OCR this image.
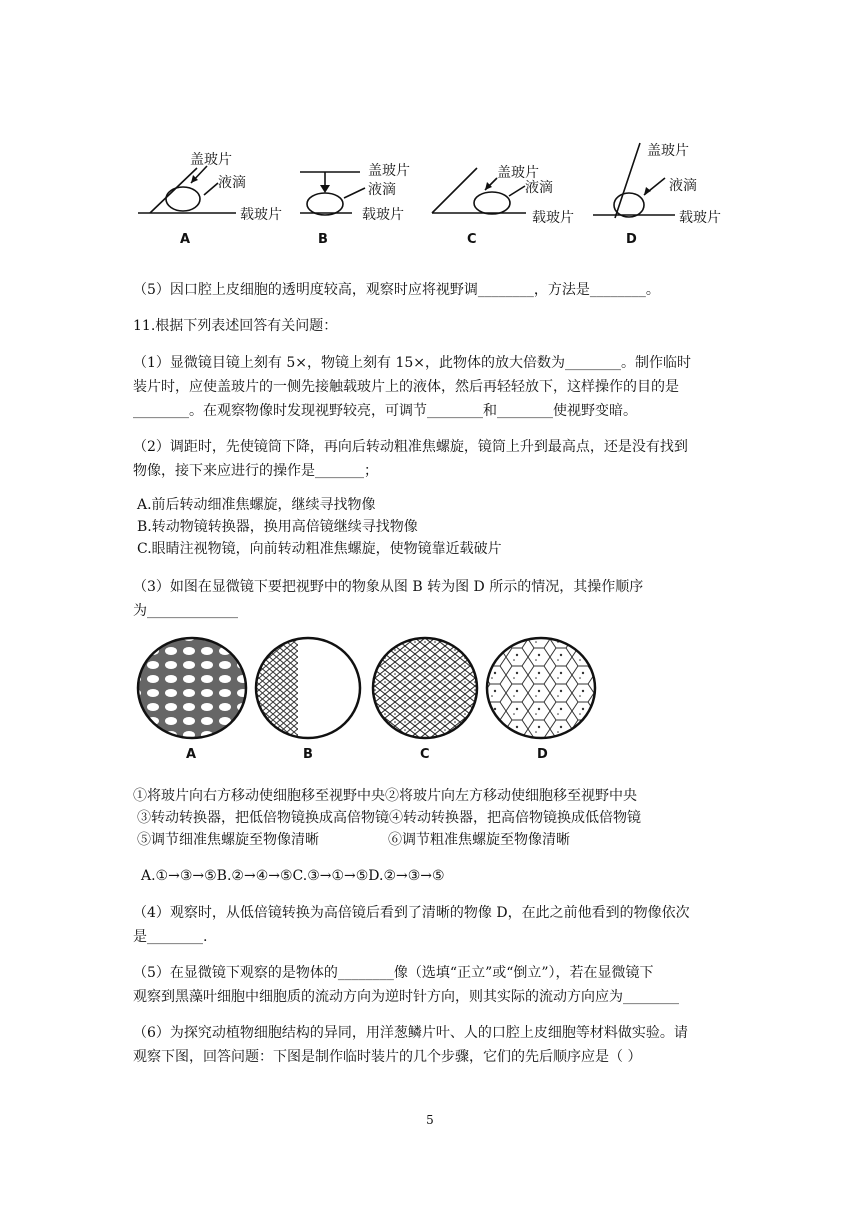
盖玻片
液滴
载玻片
盖玻片
液滴
载玻片
盖玻片
液滴
载玻片
盖玻片
液滴
载玻片
A	B	C	D
（5）因口腔上皮细胞的透明度较高，观察时应将视野调________，方法是________。
11.根据下列表述回答有关问题：
（1）显微镜目镜上刻有 5×，物镜上刻有 15×，此物体的放大倍数为________。制作临时
装片时，应使盖玻片的一侧先接触载玻片上的液体，然后再轻轻放下，这样操作的目的是
________。在观察物像时发现视野较亮，可调节________和________使视野变暗。
（2）调距时，先使镜筒下降，再向后转动粗准焦螺旋，镜筒上升到最高点，还是没有找到
物像，接下来应进行的操作是_______；
A.前后转动细准焦螺旋，继续寻找物像
B.转动物镜转换器，换用高倍镜继续寻找物像
C.眼睛注视物镜，向前转动粗准焦螺旋，使物镜靠近载破片
（3）如图在显微镜下要把视野中的物象从图 B 转为图 D 所示的情况，其操作顺序
为_____________
A	B	C	D
①将玻片向右方移动使细胞移至视野中央②将玻片向左方移动使细胞移至视野中央
③转动转换器，把低倍物镜换成高倍物镜④转动转换器，把高倍物镜换成低倍物镜
⑤调节细准焦螺旋至物像清晰	⑥调节粗准焦螺旋至物像清晰
A.①→③→⑤B.②→④→⑤C.③→①→⑤D.②→③→⑤
（4）观察时，从低倍镜转换为高倍镜后看到了清晰的物像 D，在此之前他看到的物像依次
是________.
（5）在显微镜下观察的是物体的________像（选填“正立”或“倒立”），若在显微镜下
观察到黑藻叶细胞中细胞质的流动方向为逆时针方向，则其实际的流动方向应为________
（6）为探究动植物细胞结构的异同，用洋葱鳞片叶、人的口腔上皮细胞等材料做实验。请
观察下图，回答问题：下图是制作临时装片的几个步骤，它们的先后顺序应是（ ）
5
